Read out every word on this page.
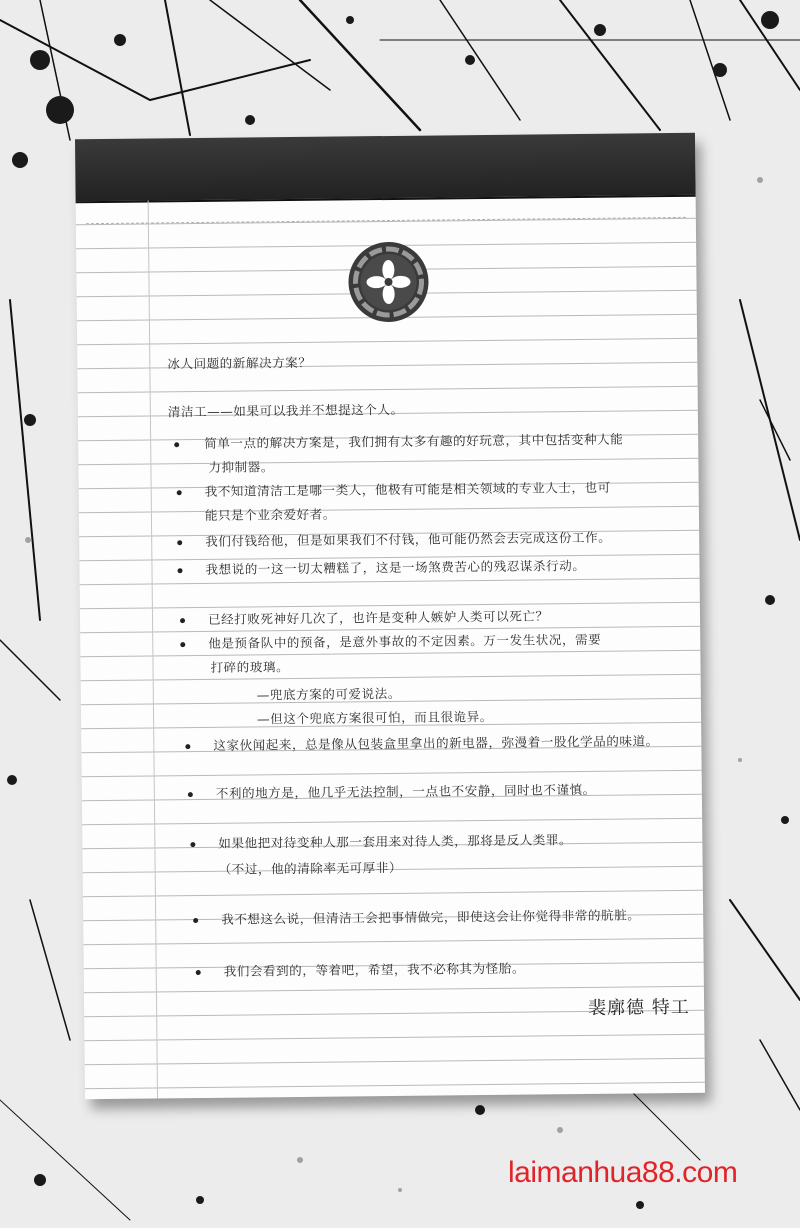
冰人问题的新解决方案？
清洁工——如果可以我并不想提这个人。
简单一点的解决方案是，我们拥有太多有趣的好玩意，其中包括变种人能
力抑制器。
我不知道清洁工是哪一类人，他极有可能是相关领域的专业人士，也可
能只是个业余爱好者。
我们付钱给他，但是如果我们不付钱，他可能仍然会去完成这份工作。
我想说的一这一切太糟糕了，这是一场煞费苦心的残忍谋杀行动。
已经打败死神好几次了，也许是变种人嫉妒人类可以死亡？
他是预备队中的预备，是意外事故的不定因素。万一发生状况，需要
打碎的玻璃。
—兜底方案的可爱说法。
—但这个兜底方案很可怕，而且很诡异。
这家伙闻起来，总是像从包装盒里拿出的新电器，弥漫着一股化学品的味道。
不利的地方是，他几乎无法控制，一点也不安静，同时也不谨慎。
如果他把对待变种人那一套用来对待人类，那将是反人类罪。
（不过，他的清除率无可厚非）
我不想这么说，但清洁工会把事情做完，即使这会让你觉得非常的肮脏。
我们会看到的，等着吧，希望，我不必称其为怪胎。
裴廓德 特工
laimanhua88.com
